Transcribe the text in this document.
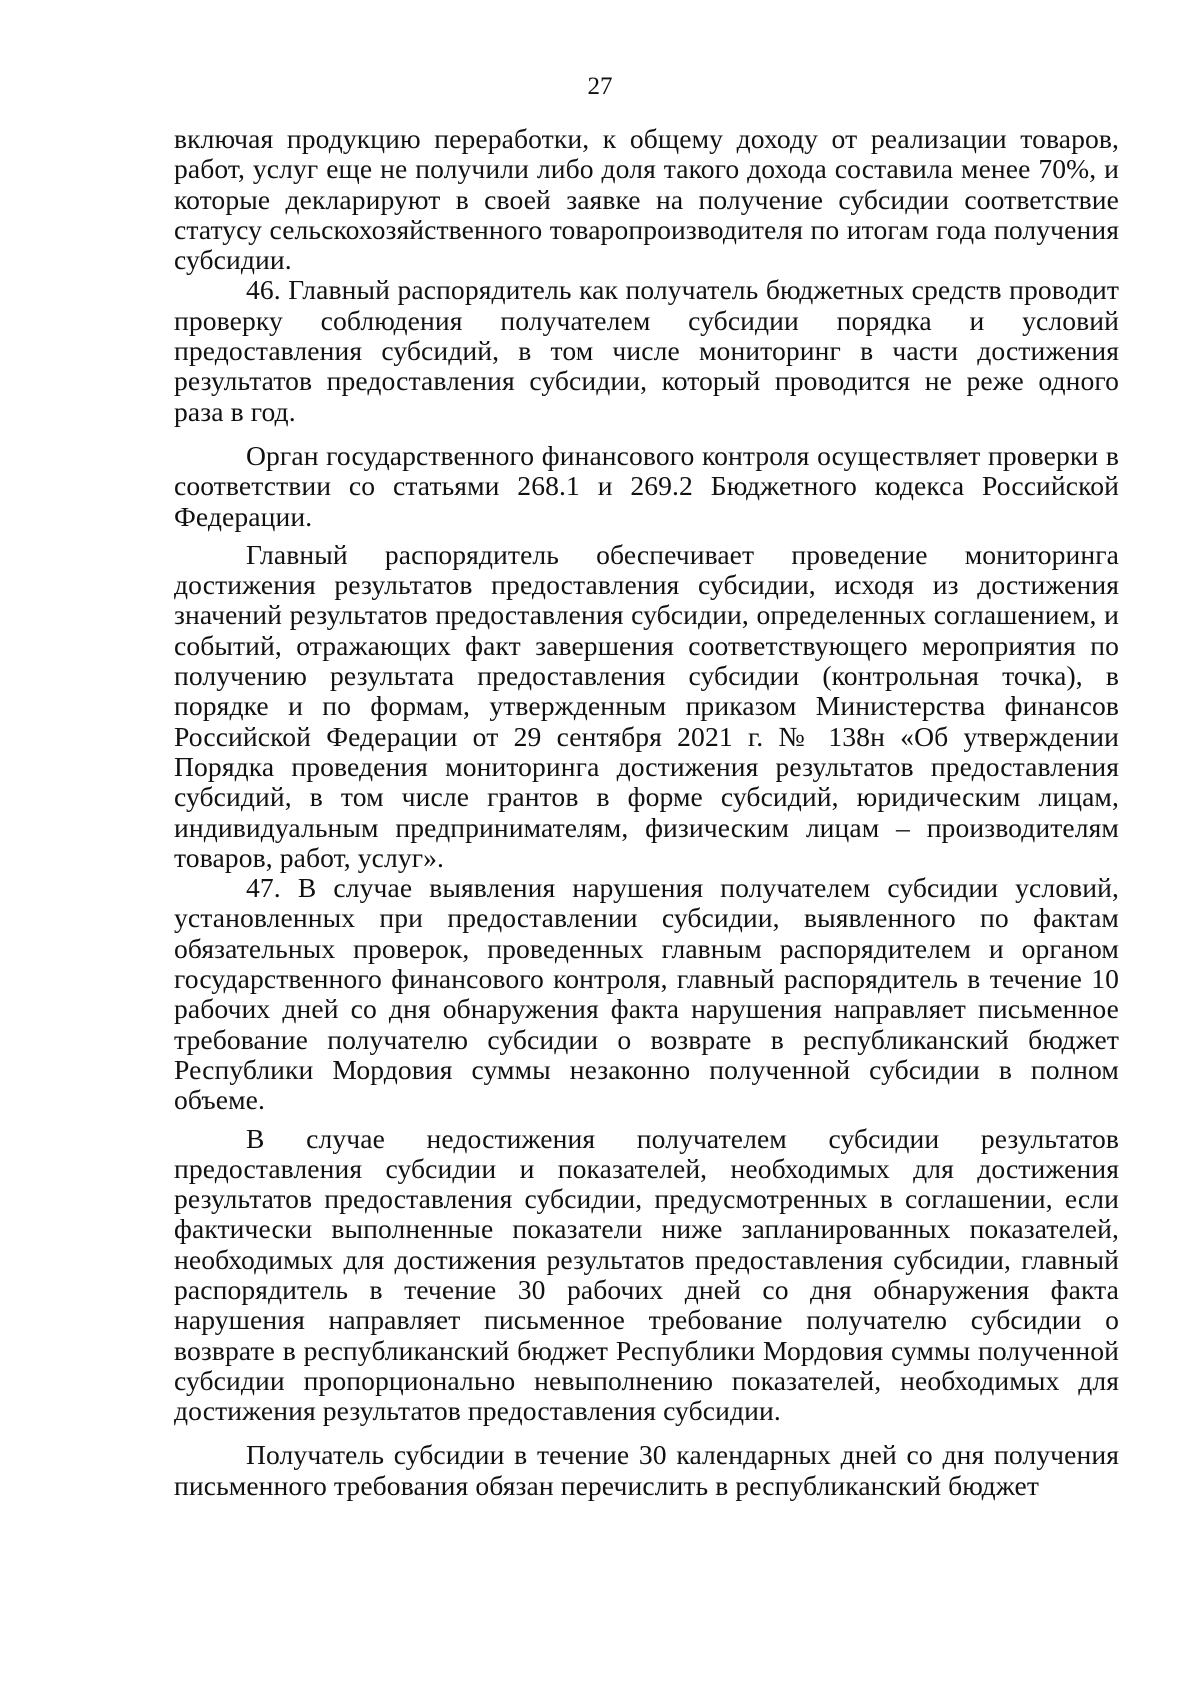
27

включая продукцию переработки, к общему доходу от реализации товаров, работ, услуг еще не получили либо доля такого дохода составила менее 70%, и которые декларируют в своей заявке на получение субсидии соответствие статусу сельскохозяйственного товаропроизводителя по итогам года получения субсидии.

46. Главный распорядитель как получатель бюджетных средств проводит проверку соблюдения получателем субсидии порядка и условий предоставления субсидий, в том числе мониторинг в части достижения результатов предоставления субсидии, который проводится не реже одного раза в год.

Орган государственного финансового контроля осуществляет проверки в соответствии со статьями 268.1 и 269.2 Бюджетного кодекса Российской Федерации.

Главный распорядитель обеспечивает проведение мониторинга достижения результатов предоставления субсидии, исходя из достижения значений результатов предоставления субсидии, определенных соглашением, и событий, отражающих факт завершения соответствующего мероприятия по получению результата предоставления субсидии (контрольная точка), в порядке и по формам, утвержденным приказом Министерства финансов Российской Федерации от 29 сентября 2021 г. № 138н «Об утверждении Порядка проведения мониторинга достижения результатов предоставления субсидий, в том числе грантов в форме субсидий, юридическим лицам, индивидуальным предпринимателям, физическим лицам – производителям товаров, работ, услуг».

47. В случае выявления нарушения получателем субсидии условий, установленных при предоставлении субсидии, выявленного по фактам обязательных проверок, проведенных главным распорядителем и органом государственного финансового контроля, главный распорядитель в течение 10 рабочих дней со дня обнаружения факта нарушения направляет письменное требование получателю субсидии о возврате в республиканский бюджет Республики Мордовия суммы незаконно полученной субсидии в полном объеме.

В случае недостижения получателем субсидии результатов предоставления субсидии и показателей, необходимых для достижения результатов предоставления субсидии, предусмотренных в соглашении, если фактически выполненные показатели ниже запланированных показателей, необходимых для достижения результатов предоставления субсидии, главный распорядитель в течение 30 рабочих дней со дня обнаружения факта нарушения направляет письменное требование получателю субсидии о возврате в республиканский бюджет Республики Мордовия суммы полученной субсидии пропорционально невыполнению показателей, необходимых для достижения результатов предоставления субсидии.

Получатель субсидии в течение 30 календарных дней со дня получения письменного требования обязан перечислить в республиканский бюджет
